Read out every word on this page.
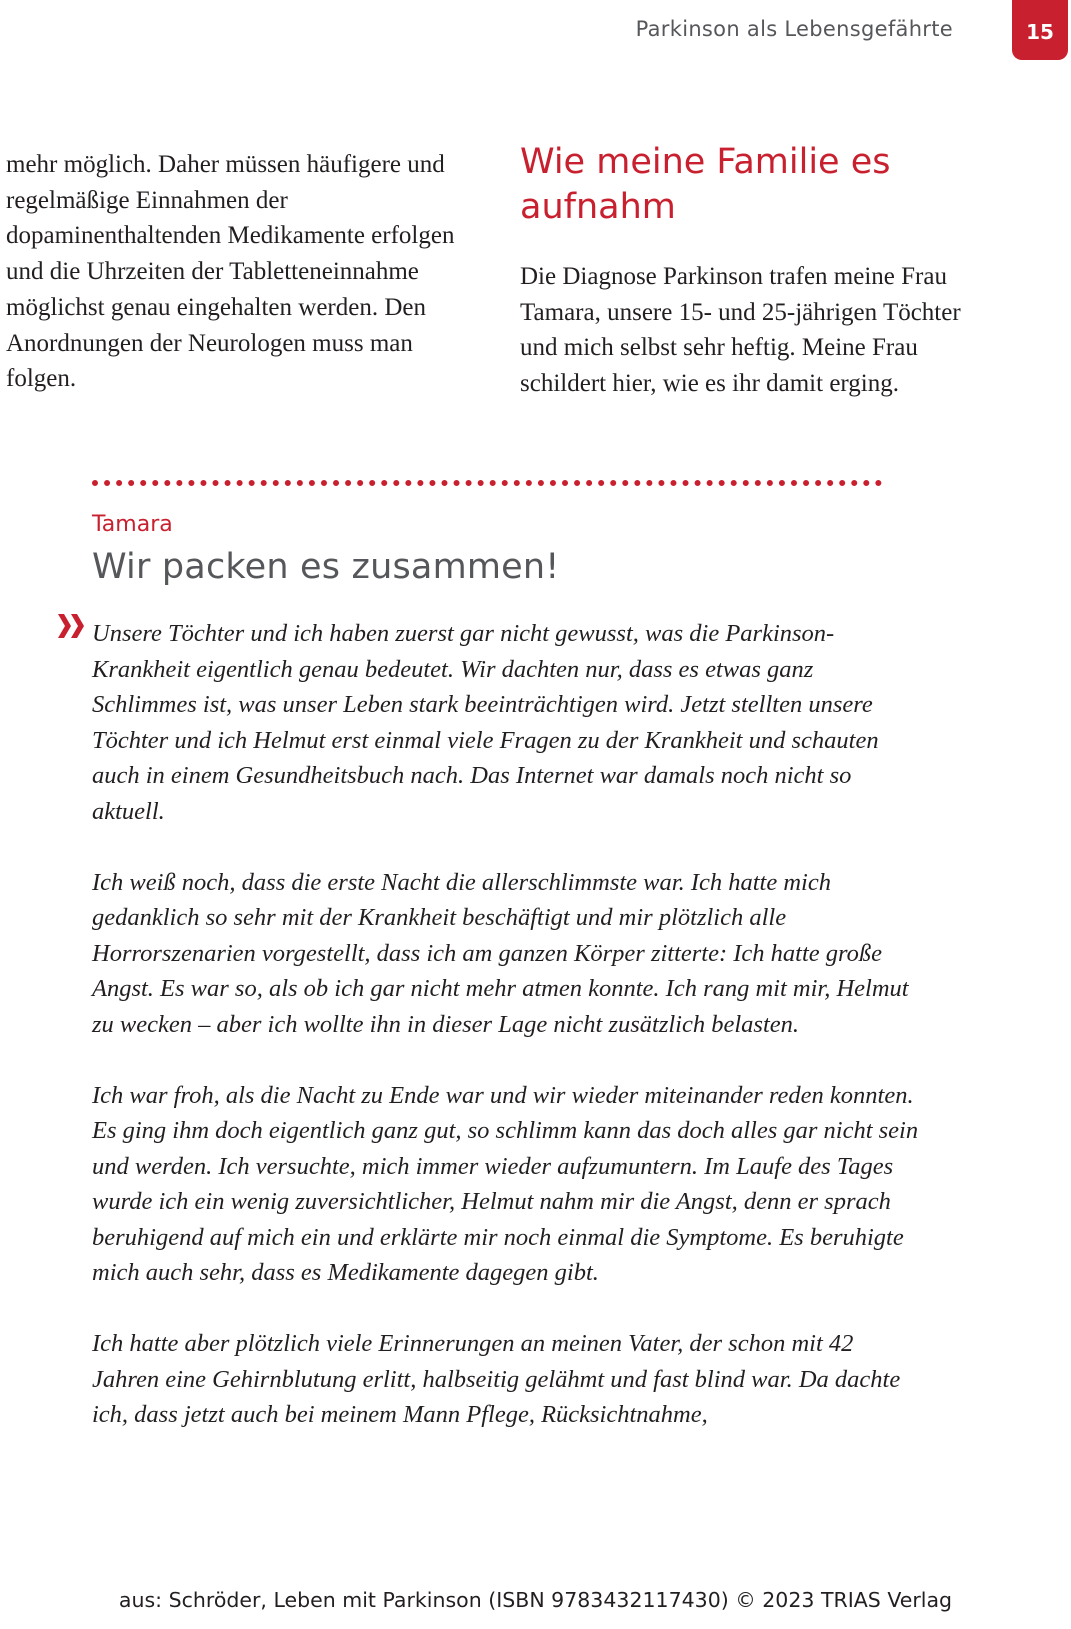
Parkinson als Lebensgefährte	15

mehr möglich. Daher müssen häufigere und regelmäßige Einnahmen der dopaminenthaltenden Medikamente erfolgen und die Uhrzeiten der Tabletteneinnahme möglichst genau eingehalten werden. Den Anordnungen der Neurologen muss man folgen.

Wie meine Familie es aufnahm

Die Diagnose Parkinson trafen meine Frau Tamara, unsere 15- und 25-jährigen Töchter und mich selbst sehr heftig. Meine Frau schildert hier, wie es ihr damit erging.

Tamara
Wir packen es zusammen!

Unsere Töchter und ich haben zuerst gar nicht gewusst, was die Parkinson-Krankheit eigentlich genau bedeutet. Wir dachten nur, dass es etwas ganz Schlimmes ist, was unser Leben stark beeinträchtigen wird. Jetzt stellten unsere Töchter und ich Helmut erst einmal viele Fragen zu der Krankheit und schauten auch in einem Gesundheitsbuch nach. Das Internet war damals noch nicht so aktuell.

Ich weiß noch, dass die erste Nacht die allerschlimmste war. Ich hatte mich gedanklich so sehr mit der Krankheit beschäftigt und mir plötzlich alle Horrorszenarien vorgestellt, dass ich am ganzen Körper zitterte: Ich hatte große Angst. Es war so, als ob ich gar nicht mehr atmen konnte. Ich rang mit mir, Helmut zu wecken – aber ich wollte ihn in dieser Lage nicht zusätzlich belasten.

Ich war froh, als die Nacht zu Ende war und wir wieder miteinander reden konnten. Es ging ihm doch eigentlich ganz gut, so schlimm kann das doch alles gar nicht sein und werden. Ich versuchte, mich immer wieder aufzumuntern. Im Laufe des Tages wurde ich ein wenig zuversichtlicher, Helmut nahm mir die Angst, denn er sprach beruhigend auf mich ein und erklärte mir noch einmal die Symptome. Es beruhigte mich auch sehr, dass es Medikamente dagegen gibt.

Ich hatte aber plötzlich viele Erinnerungen an meinen Vater, der schon mit 42 Jahren eine Gehirnblutung erlitt, halbseitig gelähmt und fast blind war. Da dachte ich, dass jetzt auch bei meinem Mann Pflege, Rücksichtnahme,

aus: Schröder, Leben mit Parkinson (ISBN 9783432117430) © 2023 TRIAS Verlag
